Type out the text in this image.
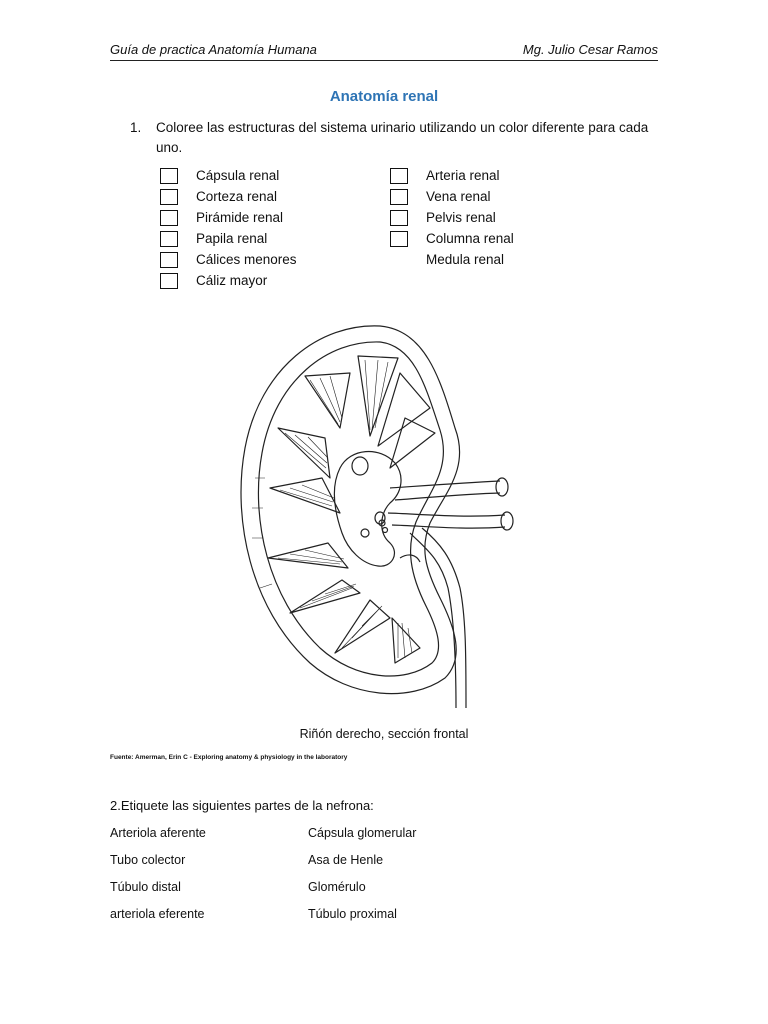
Guía de practica Anatomía Humana	Mg. Julio Cesar Ramos
Anatomía renal
1. Coloree las estructuras del sistema urinario utilizando un color diferente para cada uno.
Cápsula renal
Corteza renal
Pirámide renal
Papila renal
Cálices menores
Cáliz mayor
Arteria renal
Vena renal
Pelvis renal
Columna renal
Medula renal
Riñón derecho, sección frontal
Fuente: Amerman, Erin C - Exploring anatomy & physiology in the laboratory
2.Etiquete las siguientes partes de la nefrona:
Arteriola aferente
Tubo colector
Túbulo distal
arteriola eferente
Cápsula glomerular
Asa de Henle
Glomérulo
Túbulo proximal
